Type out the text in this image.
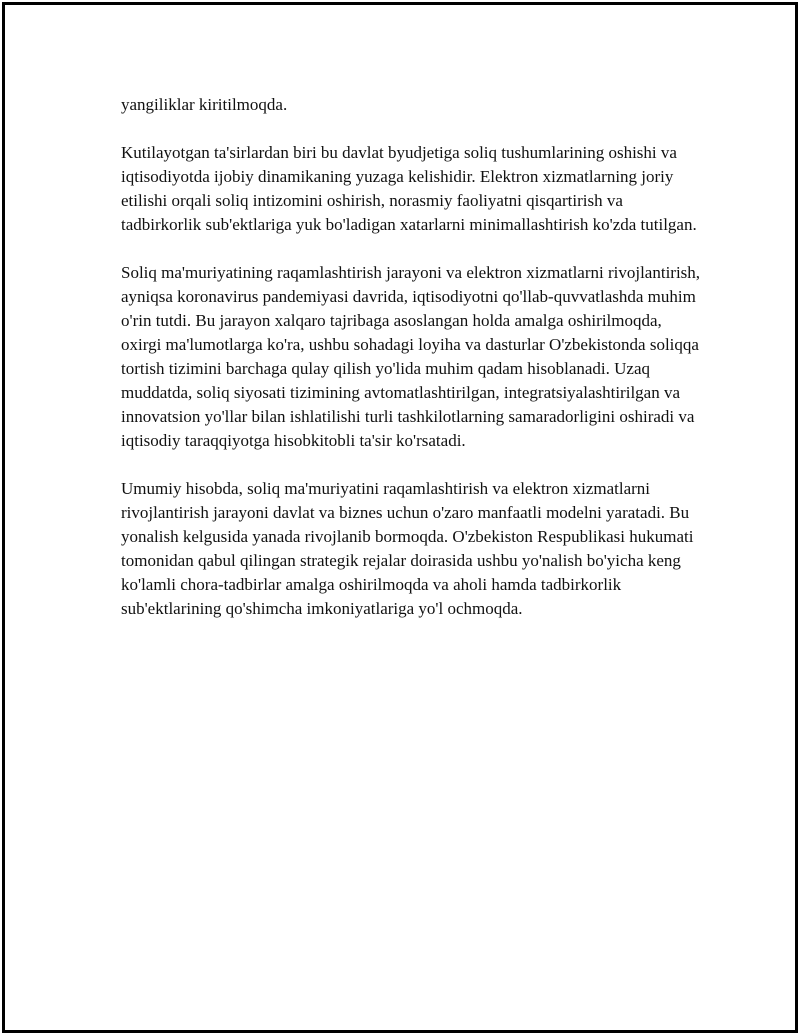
yangiliklar kiritilmoqda.

Kutilayotgan ta'sirlardan biri bu davlat byudjetiga soliq tushumlarining oshishi va iqtisodiyotda ijobiy dinamikaning yuzaga kelishidir. Elektron xizmatlarning joriy etilishi orqali soliq intizomini oshirish, norasmiy faoliyatni qisqartirish va tadbirkorlik sub'ektlariga yuk bo'ladigan xatarlarni minimallashtirish ko'zda tutilgan.

Soliq ma'muriyatining raqamlashtirish jarayoni va elektron xizmatlarni rivojlantirish, ayniqsa koronavirus pandemiyasi davrida, iqtisodiyotni qo'llab-quvvatlashda muhim o'rin tutdi. Bu jarayon xalqaro tajribaga asoslangan holda amalga oshirilmoqda, oxirgi ma'lumotlarga ko'ra, ushbu sohadagi loyiha va dasturlar O'zbekistonda soliqqa tortish tizimini barchaga qulay qilish yo'lida muhim qadam hisoblanadi. Uzaq muddatda, soliq siyosati tizimining avtomatlashtirilgan, integratsiyalashtirilgan va innovatsion yo'llar bilan ishlatilishi turli tashkilotlarning samaradorligini oshiradi va iqtisodiy taraqqiyotga hisobkitobli ta'sir ko'rsatadi.

Umumiy hisobda, soliq ma'muriyatini raqamlashtirish va elektron xizmatlarni rivojlantirish jarayoni davlat va biznes uchun o'zaro manfaatli modelni yaratadi. Bu yonalish kelgusida yanada rivojlanib bormoqda. O'zbekiston Respublikasi hukumati tomonidan qabul qilingan strategik rejalar doirasida ushbu yo'nalish bo'yicha keng ko'lamli chora-tadbirlar amalga oshirilmoqda va aholi hamda tadbirkorlik sub'ektlarining qo'shimcha imkoniyatlariga yo'l ochmoqda.
